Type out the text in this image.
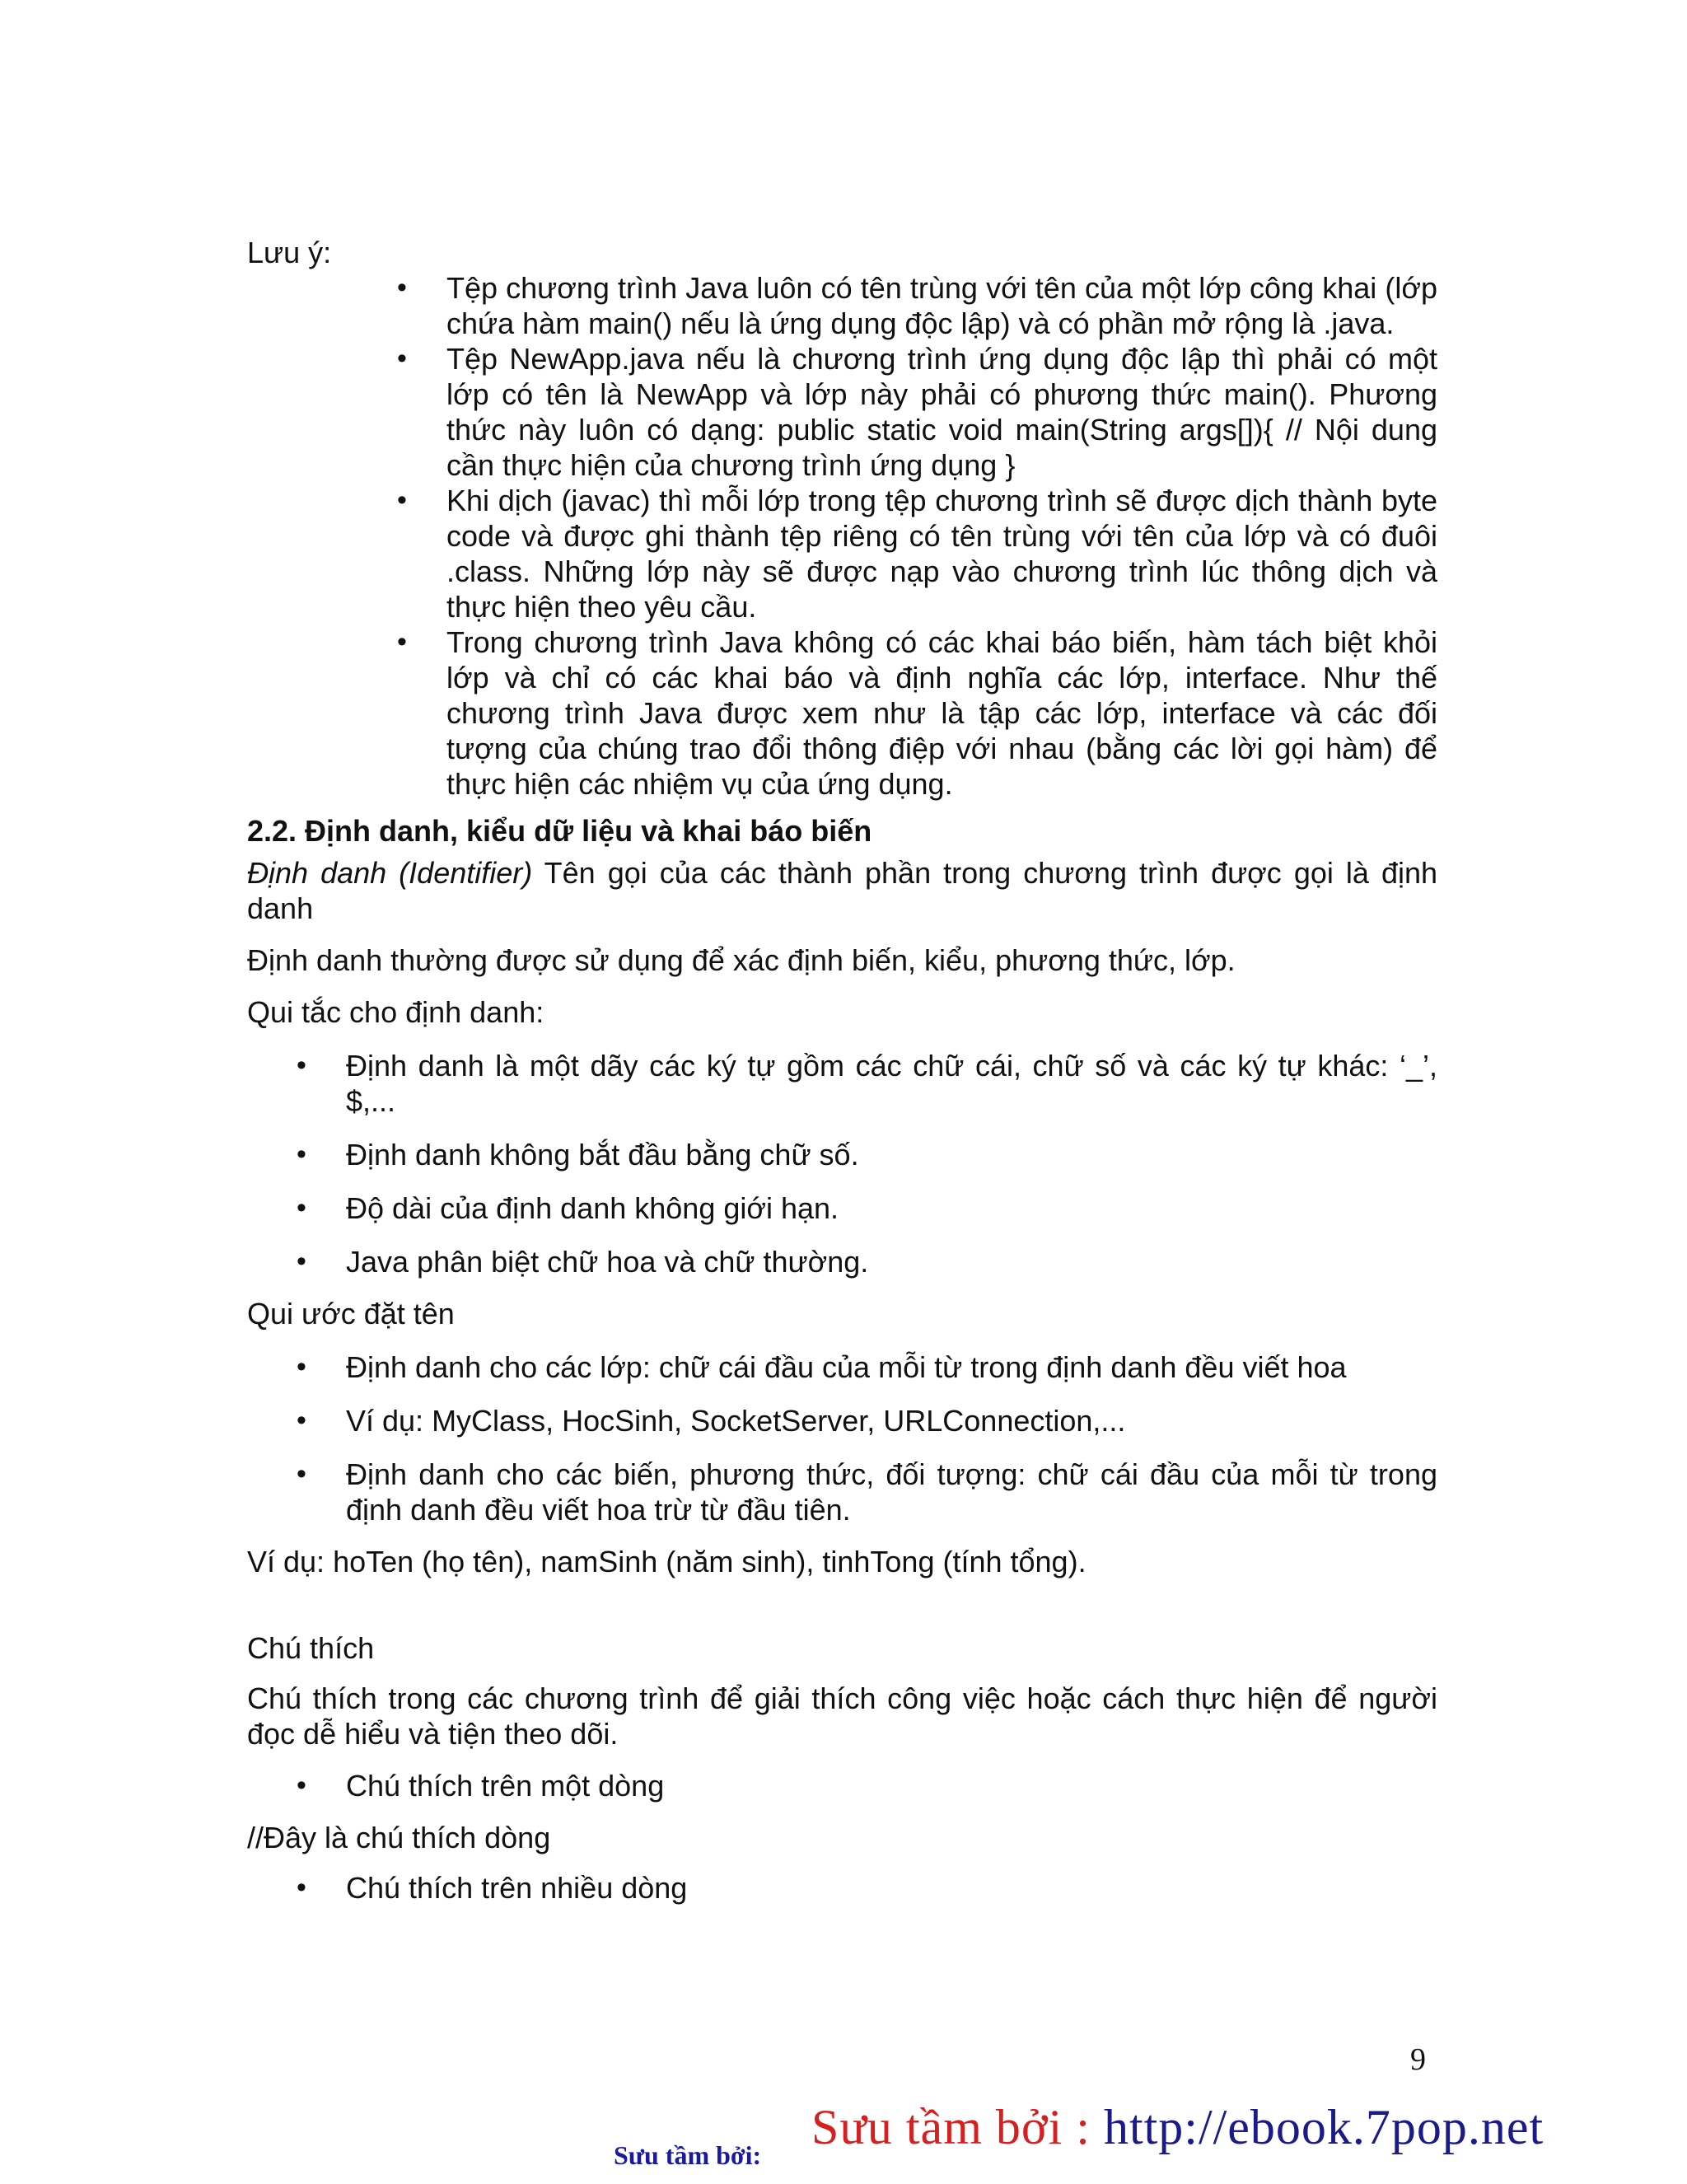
Lưu ý:
• Tệp chương trình Java luôn có tên trùng với tên của một lớp công khai (lớp chứa hàm main() nếu là ứng dụng độc lập) và có phần mở rộng là .java.
• Tệp NewApp.java nếu là chương trình ứng dụng độc lập thì phải có một lớp có tên là NewApp và lớp này phải có phương thức main(). Phương thức này luôn có dạng: public static void main(String args[]){ // Nội dung cần thực hiện của chương trình ứng dụng }
• Khi dịch (javac) thì mỗi lớp trong tệp chương trình sẽ được dịch thành byte code và được ghi thành tệp riêng có tên trùng với tên của lớp và có đuôi .class. Những lớp này sẽ được nạp vào chương trình lúc thông dịch và thực hiện theo yêu cầu.
• Trong chương trình Java không có các khai báo biến, hàm tách biệt khỏi lớp và chỉ có các khai báo và định nghĩa các lớp, interface. Như thế chương trình Java được xem như là tập các lớp, interface và các đối tượng của chúng trao đổi thông điệp với nhau (bằng các lời gọi hàm) để thực hiện các nhiệm vụ của ứng dụng.
2.2. Định danh, kiểu dữ liệu và khai báo biến

Định danh (Identifier) Tên gọi của các thành phần trong chương trình được gọi là định danh

Định danh thường được sử dụng để xác định biến, kiểu, phương thức, lớp.

Qui tắc cho định danh:

• Định danh là một dãy các ký tự gồm các chữ cái, chữ số và các ký tự khác: ‘_’, $,...
• Định danh không bắt đầu bằng chữ số.
• Độ dài của định danh không giới hạn.
• Java phân biệt chữ hoa và chữ thường.

Qui ước đặt tên

• Định danh cho các lớp: chữ cái đầu của mỗi từ trong định danh đều viết hoa
• Ví dụ: MyClass, HocSinh, SocketServer, URLConnection,...
• Định danh cho các biến, phương thức, đối tượng: chữ cái đầu của mỗi từ trong định danh đều viết hoa trừ từ đầu tiên.

Ví dụ: hoTen (họ tên), namSinh (năm sinh), tinhTong (tính tổng).

Chú thích

Chú thích trong các chương trình để giải thích công việc hoặc cách thực hiện để người đọc dễ hiểu và tiện theo dõi.

• Chú thích trên một dòng

//Đây là chú thích dòng

• Chú thích trên nhiều dòng
9
Sưu tầm bởi : http://ebook.7pop.net
Sưu tầm bởi:
